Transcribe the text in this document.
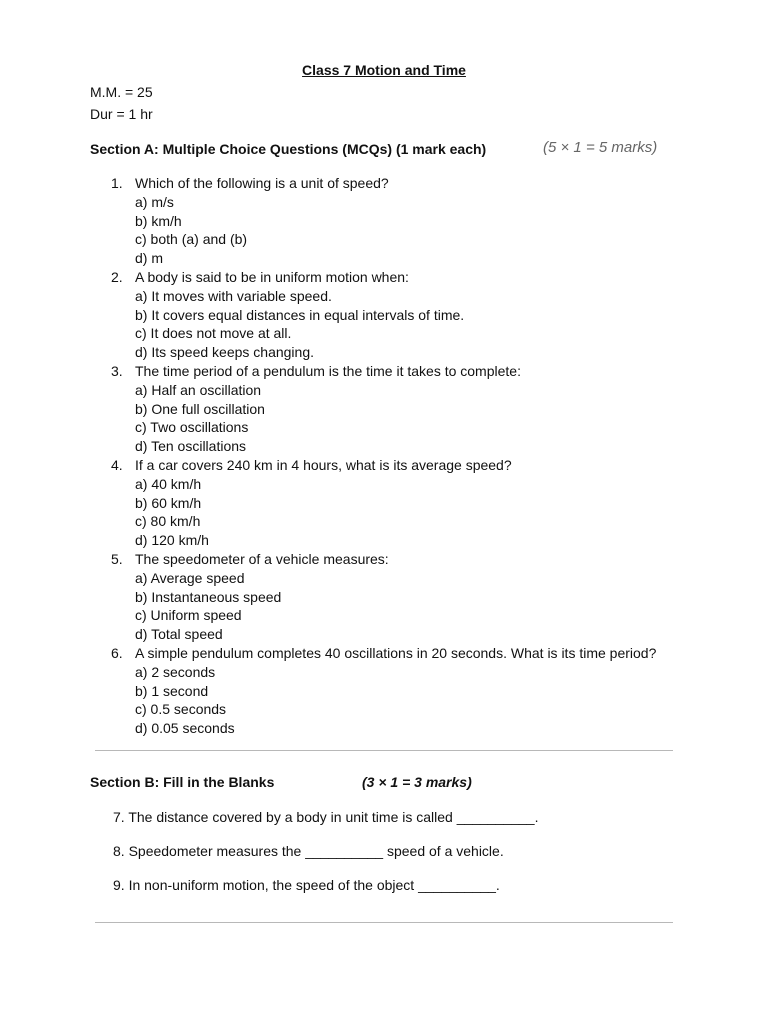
Class 7 Motion and Time
M.M. = 25
Dur = 1 hr
Section A: Multiple Choice Questions (MCQs) (1 mark each)	(5 × 1 = 5 marks)
1. Which of the following is a unit of speed?
a) m/s
b) km/h
c) both (a) and (b)
d) m
2. A body is said to be in uniform motion when:
a) It moves with variable speed.
b) It covers equal distances in equal intervals of time.
c) It does not move at all.
d) Its speed keeps changing.
3. The time period of a pendulum is the time it takes to complete:
a) Half an oscillation
b) One full oscillation
c) Two oscillations
d) Ten oscillations
4. If a car covers 240 km in 4 hours, what is its average speed?
a) 40 km/h
b) 60 km/h
c) 80 km/h
d) 120 km/h
5. The speedometer of a vehicle measures:
a) Average speed
b) Instantaneous speed
c) Uniform speed
d) Total speed
6. A simple pendulum completes 40 oscillations in 20 seconds. What is its time period?
a) 2 seconds
b) 1 second
c) 0.5 seconds
d) 0.05 seconds
Section B: Fill in the Blanks	(3 × 1 = 3 marks)
7. The distance covered by a body in unit time is called __________.
8. Speedometer measures the __________ speed of a vehicle.
9. In non-uniform motion, the speed of the object __________.
